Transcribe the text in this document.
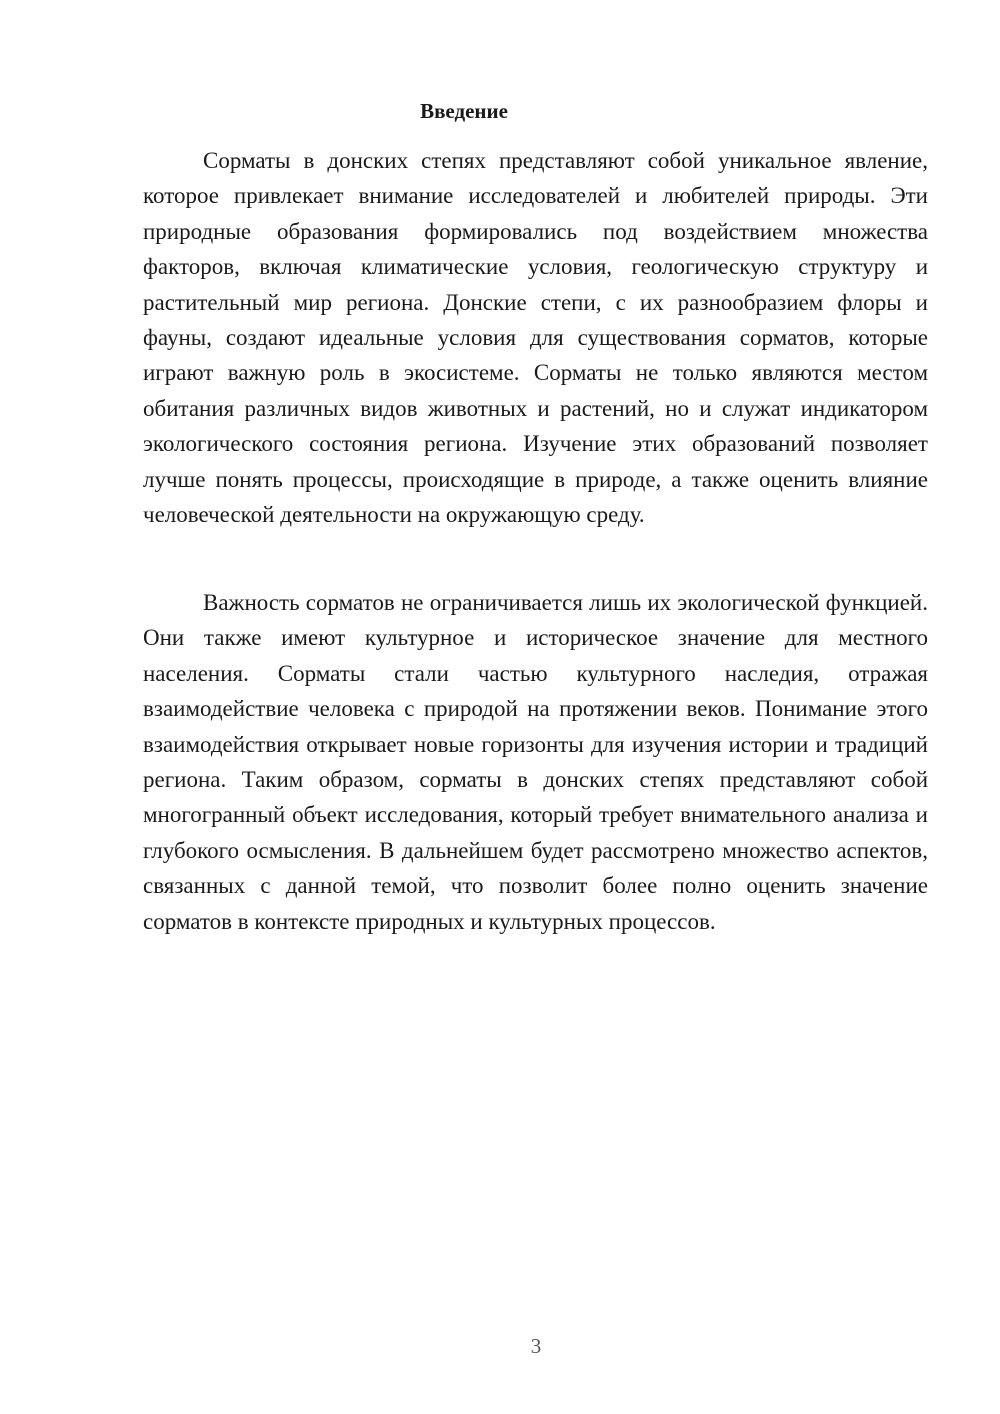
Введение

Сорматы в донских степях представляют собой уникальное явление, которое привлекает внимание исследователей и любителей природы. Эти природные образования формировались под воздействием множества факторов, включая климатические условия, геологическую структуру и растительный мир региона. Донские степи, с их разнообразием флоры и фауны, создают идеальные условия для существования сорматов, которые играют важную роль в экосистеме. Сорматы не только являются местом обитания различных видов животных и растений, но и служат индикатором экологического состояния региона. Изучение этих образований позволяет лучше понять процессы, происходящие в природе, а также оценить влияние человеческой деятельности на окружающую среду.

Важность сорматов не ограничивается лишь их экологической функцией. Они также имеют культурное и историческое значение для местного населения. Сорматы стали частью культурного наследия, отражая взаимодействие человека с природой на протяжении веков. Понимание этого взаимодействия открывает новые горизонты для изучения истории и традиций региона. Таким образом, сорматы в донских степях представляют собой многогранный объект исследования, который требует внимательного анализа и глубокого осмысления. В дальнейшем будет рассмотрено множество аспектов, связанных с данной темой, что позволит более полно оценить значение сорматов в контексте природных и культурных процессов.

3
